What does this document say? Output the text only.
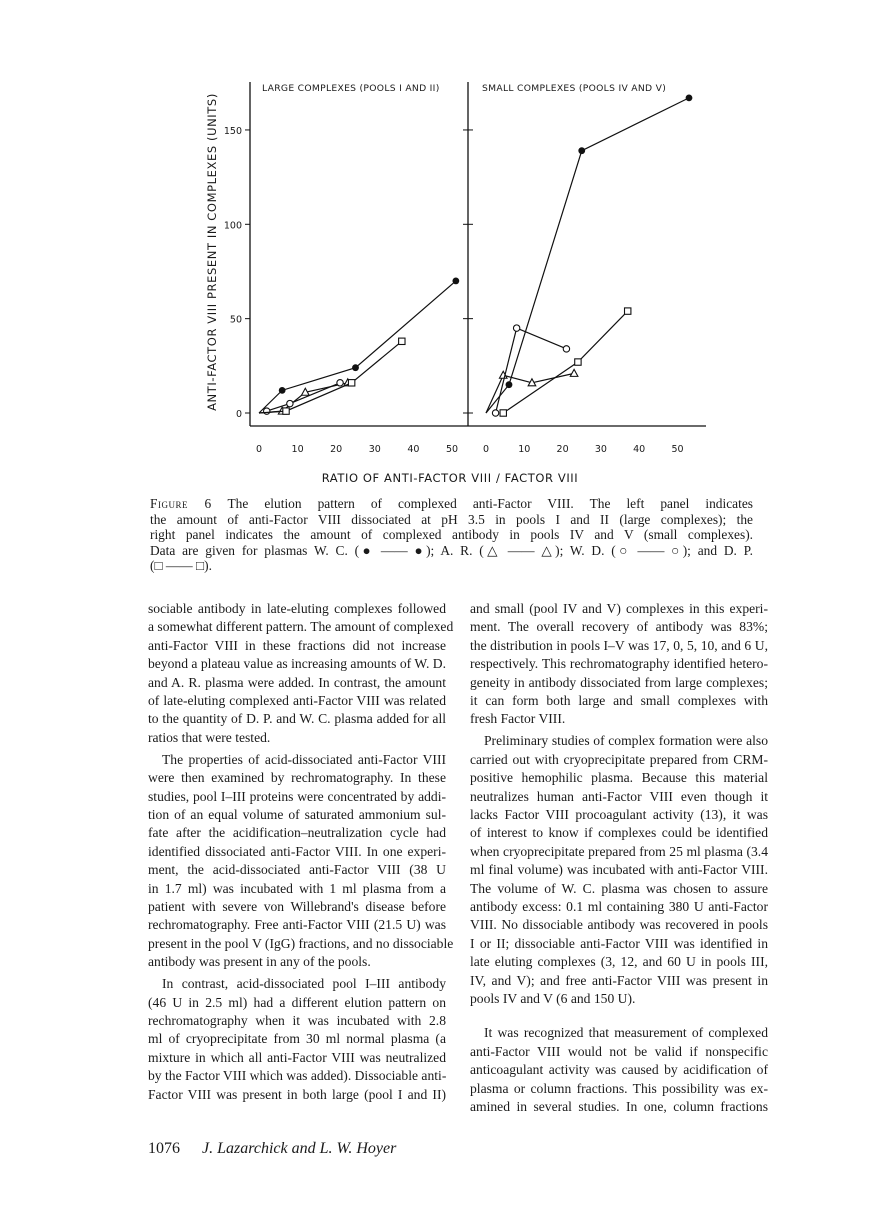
0
50
100
150
ANTI-FACTOR VIII PRESENT IN COMPLEXES (UNITS)
RATIO OF ANTI-FACTOR VIII / FACTOR VIII
0	10	20	30	40	50
LARGE COMPLEXES (POOLS I AND II)
0	10	20	30	40	50
SMALL COMPLEXES (POOLS IV AND V)
Figure 6 The elution pattern of complexed anti-Factor VIII. The left panel indicates
the amount of anti-Factor VIII dissociated at pH 3.5 in pools I and II (large complexes); the
right panel indicates the amount of complexed antibody in pools IV and V (small complexes).
Data are given for plasmas W. C. (● —— ●); A. R. (△ —— △); W. D. (○ —— ○); and D. P.
(□ —— □).
sociable antibody in late-eluting complexes followed
a somewhat different pattern. The amount of complexed
anti-Factor VIII in these fractions did not increase
beyond a plateau value as increasing amounts of W. D.
and A. R. plasma were added. In contrast, the amount
of late-eluting complexed anti-Factor VIII was related
to the quantity of D. P. and W. C. plasma added for all
ratios that were tested.
The properties of acid-dissociated anti-Factor VIII
were then examined by rechromatography. In these
studies, pool I–III proteins were concentrated by addi-
tion of an equal volume of saturated ammonium sul-
fate after the acidification–neutralization cycle had
identified dissociated anti-Factor VIII. In one experi-
ment, the acid-dissociated anti-Factor VIII (38 U
in 1.7 ml) was incubated with 1 ml plasma from a
patient with severe von Willebrand's disease before
rechromatography. Free anti-Factor VIII (21.5 U) was
present in the pool V (IgG) fractions, and no dissociable
antibody was present in any of the pools.
In contrast, acid-dissociated pool I–III antibody
(46 U in 2.5 ml) had a different elution pattern on
rechromatography when it was incubated with 2.8
ml of cryoprecipitate from 30 ml normal plasma (a
mixture in which all anti-Factor VIII was neutralized
by the Factor VIII which was added). Dissociable anti-
Factor VIII was present in both large (pool I and II)
and small (pool IV and V) complexes in this experi-
ment. The overall recovery of antibody was 83%;
the distribution in pools I–V was 17, 0, 5, 10, and 6 U,
respectively. This rechromatography identified hetero-
geneity in antibody dissociated from large complexes;
it can form both large and small complexes with
fresh Factor VIII.
Preliminary studies of complex formation were also
carried out with cryoprecipitate prepared from CRM-
positive hemophilic plasma. Because this material
neutralizes human anti-Factor VIII even though it
lacks Factor VIII procoagulant activity (13), it was
of interest to know if complexes could be identified
when cryoprecipitate prepared from 25 ml plasma (3.4
ml final volume) was incubated with anti-Factor VIII.
The volume of W. C. plasma was chosen to assure
antibody excess: 0.1 ml containing 380 U anti-Factor
VIII. No dissociable antibody was recovered in pools
I or II; dissociable anti-Factor VIII was identified in
late eluting complexes (3, 12, and 60 U in pools III,
IV, and V); and free anti-Factor VIII was present in
pools IV and V (6 and 150 U).
It was recognized that measurement of complexed
anti-Factor VIII would not be valid if nonspecific
anticoagulant activity was caused by acidification of
plasma or column fractions. This possibility was ex-
amined in several studies. In one, column fractions
1076 J. Lazarchick and L. W. Hoyer
